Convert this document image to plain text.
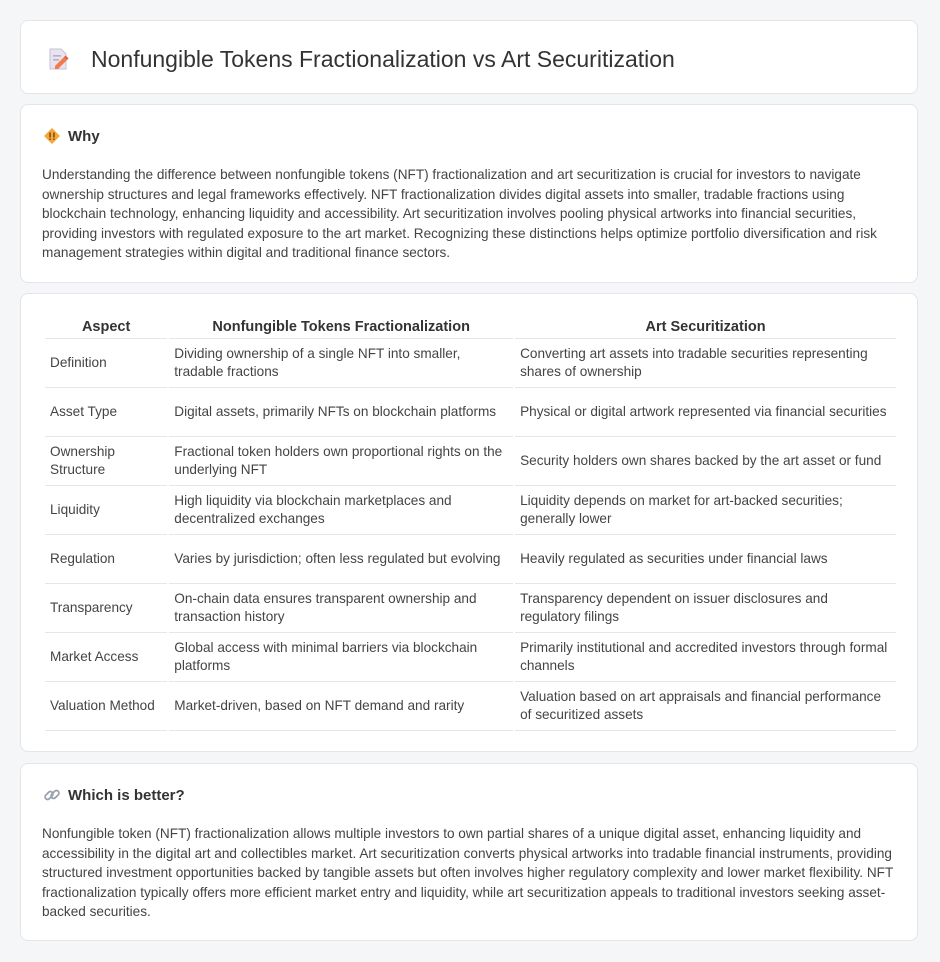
Nonfungible Tokens Fractionalization vs Art Securitization
Why

Understanding the difference between nonfungible tokens (NFT) fractionalization and art securitization is crucial for investors to navigate ownership structures and legal frameworks effectively. NFT fractionalization divides digital assets into smaller, tradable fractions using blockchain technology, enhancing liquidity and accessibility. Art securitization involves pooling physical artworks into financial securities, providing investors with regulated exposure to the art market. Recognizing these distinctions helps optimize portfolio diversification and risk management strategies within digital and traditional finance sectors.

Aspect	Nonfungible Tokens Fractionalization	Art Securitization
Definition	Dividing ownership of a single NFT into smaller, tradable fractions	Converting art assets into tradable securities representing shares of ownership
Asset Type	Digital assets, primarily NFTs on blockchain platforms	Physical or digital artwork represented via financial securities
Ownership Structure	Fractional token holders own proportional rights on the underlying NFT	Security holders own shares backed by the art asset or fund
Liquidity	High liquidity via blockchain marketplaces and decentralized exchanges	Liquidity depends on market for art-backed securities; generally lower
Regulation	Varies by jurisdiction; often less regulated but evolving	Heavily regulated as securities under financial laws
Transparency	On-chain data ensures transparent ownership and transaction history	Transparency dependent on issuer disclosures and regulatory filings
Market Access	Global access with minimal barriers via blockchain platforms	Primarily institutional and accredited investors through formal channels
Valuation Method	Market-driven, based on NFT demand and rarity	Valuation based on art appraisals and financial performance of securitized assets
Which is better?

Nonfungible token (NFT) fractionalization allows multiple investors to own partial shares of a unique digital asset, enhancing liquidity and accessibility in the digital art and collectibles market. Art securitization converts physical artworks into tradable financial instruments, providing structured investment opportunities backed by tangible assets but often involves higher regulatory complexity and lower market flexibility. NFT fractionalization typically offers more efficient market entry and liquidity, while art securitization appeals to traditional investors seeking asset-backed securities.
